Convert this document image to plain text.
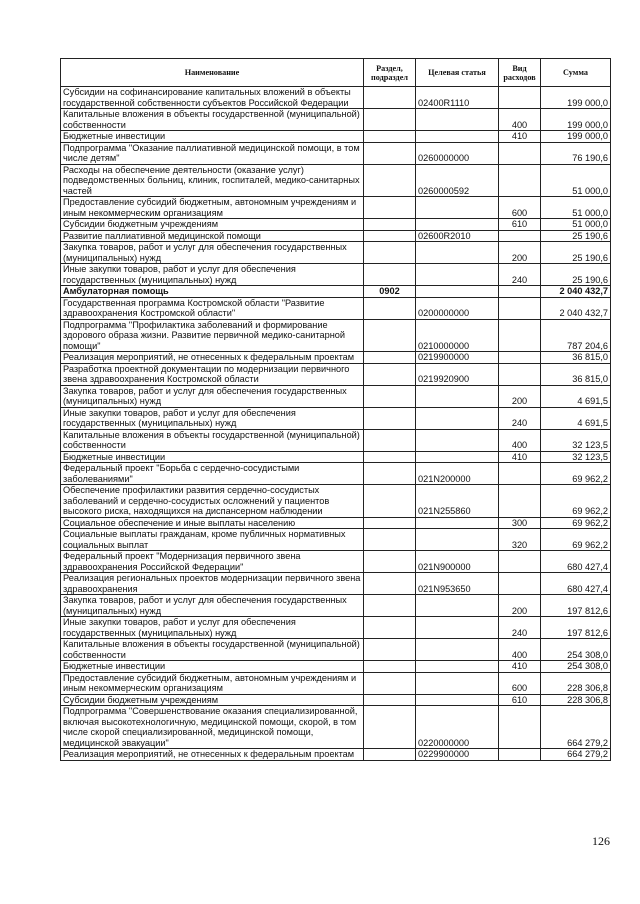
Наименование	Раздел, подраздел	Целевая статья	Вид расходов	Сумма
Субсидии на софинансирование капитальных вложений в объекты государственной собственности субъектов Российской Федерации		02400R1110		199 000,0
Капитальные вложения в объекты государственной (муниципальной) собственности			400	199 000,0
Бюджетные инвестиции			410	199 000,0
Подпрограмма "Оказание паллиативной медицинской помощи, в том числе детям"		0260000000		76 190,6
Расходы на обеспечение деятельности (оказание услуг) подведомственных больниц, клиник, госпиталей, медико-санитарных частей		0260000592		51 000,0
Предоставление субсидий бюджетным, автономным учреждениям и иным некоммерческим организациям			600	51 000,0
Субсидии бюджетным учреждениям			610	51 000,0
Развитие паллиативной медицинской помощи		02600R2010		25 190,6
Закупка товаров, работ и услуг для обеспечения государственных (муниципальных) нужд			200	25 190,6
Иные закупки товаров, работ и услуг для обеспечения государственных (муниципальных) нужд			240	25 190,6
Амбулаторная помощь	0902			2 040 432,7
Государственная программа Костромской области "Развитие здравоохранения Костромской области"		0200000000		2 040 432,7
Подпрограмма "Профилактика заболеваний и формирование здорового образа жизни. Развитие первичной медико-санитарной помощи"		0210000000		787 204,6
Реализация мероприятий, не отнесенных к федеральным проектам		0219900000		36 815,0
Разработка проектной документации по модернизации первичного звена здравоохранения Костромской области		0219920900		36 815,0
Закупка товаров, работ и услуг для обеспечения государственных (муниципальных) нужд			200	4 691,5
Иные закупки товаров, работ и услуг для обеспечения государственных (муниципальных) нужд			240	4 691,5
Капитальные вложения в объекты государственной (муниципальной) собственности			400	32 123,5
Бюджетные инвестиции			410	32 123,5
Федеральный проект "Борьба с сердечно-сосудистыми заболеваниями"		021N200000		69 962,2
Обеспечение профилактики развития сердечно-сосудистых заболеваний и сердечно-сосудистых осложнений у пациентов высокого риска, находящихся на диспансерном наблюдении		021N255860		69 962,2
Социальное обеспечение и иные выплаты населению			300	69 962,2
Социальные выплаты гражданам, кроме публичных нормативных социальных выплат			320	69 962,2
Федеральный проект "Модернизация первичного звена здравоохранения Российской Федерации"		021N900000		680 427,4
Реализация региональных проектов модернизации первичного звена здравоохранения		021N953650		680 427,4
Закупка товаров, работ и услуг для обеспечения государственных (муниципальных) нужд			200	197 812,6
Иные закупки товаров, работ и услуг для обеспечения государственных (муниципальных) нужд			240	197 812,6
Капитальные вложения в объекты государственной (муниципальной) собственности			400	254 308,0
Бюджетные инвестиции			410	254 308,0
Предоставление субсидий бюджетным, автономным учреждениям и иным некоммерческим организациям			600	228 306,8
Субсидии бюджетным учреждениям			610	228 306,8
Подпрограмма "Совершенствование оказания специализированной, включая высокотехнологичную, медицинской помощи, скорой, в том числе скорой специализированной, медицинской помощи, медицинской эвакуации"		0220000000		664 279,2
Реализация мероприятий, не отнесенных к федеральным проектам		0229900000		664 279,2
126
